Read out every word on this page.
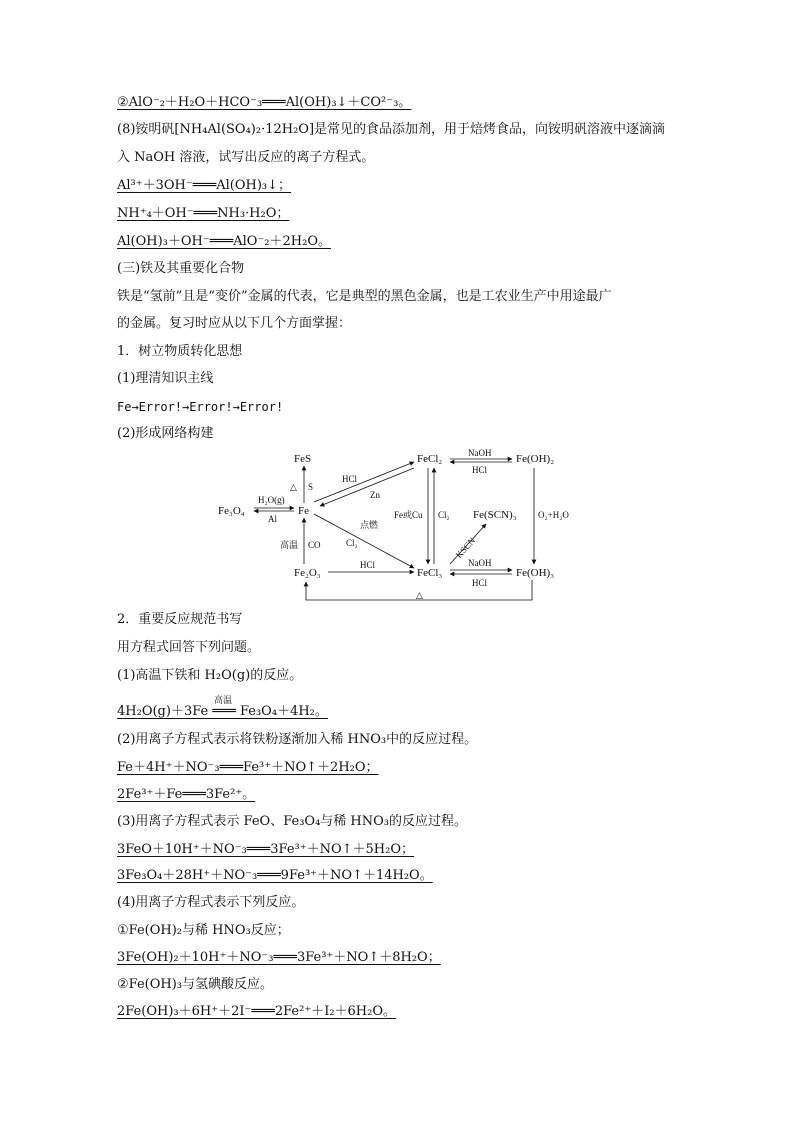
②AlO⁻₂＋H₂O＋HCO⁻₃═══Al(OH)₃↓＋CO²⁻₃。
(8)铵明矾[NH₄Al(SO₄)₂·12H₂O]是常见的食品添加剂，用于焙烤食品，向铵明矾溶液中逐滴滴
入 NaOH 溶液，试写出反应的离子方程式。
Al³⁺＋3OH⁻═══Al(OH)₃↓；
NH⁺₄＋OH⁻═══NH₃·H₂O；
Al(OH)₃＋OH⁻═══AlO⁻₂＋2H₂O。
(三)铁及其重要化合物
铁是“氢前”且是“变价”金属的代表，它是典型的黑色金属，也是工农业生产中用途最广
的金属。复习时应从以下几个方面掌握：
1．树立物质转化思想
(1)理清知识主线
Fe→Error!→Error!→Error!
(2)形成网络构建
FeS	FeCl₂	Fe(OH)₂
Fe₃O₄	Fe	Fe(SCN)₃
Fe₂O₃	FeCl₃	Fe(OH)₃
NaOH
HCl
△ S
HCl
Zn
H₂O(g)
Al	Fe或Cu Cl₂	O₂+H₂O
点燃
Cl₂	KSCN
高温 CO
HCl	NaOH
HCl
△
2．重要反应规范书写
用方程式回答下列问题。
(1)高温下铁和 H₂O(g)的反应。
高温
4H₂O(g)＋3Fe ═══ Fe₃O₄＋4H₂。
(2)用离子方程式表示将铁粉逐渐加入稀 HNO₃中的反应过程。
Fe＋4H⁺＋NO⁻₃═══Fe³⁺＋NO↑＋2H₂O；
2Fe³⁺＋Fe═══3Fe²⁺。
(3)用离子方程式表示 FeO、Fe₃O₄与稀 HNO₃的反应过程。
3FeO＋10H⁺＋NO⁻₃═══3Fe³⁺＋NO↑＋5H₂O；
3Fe₃O₄＋28H⁺＋NO⁻₃═══9Fe³⁺＋NO↑＋14H₂O。
(4)用离子方程式表示下列反应。
①Fe(OH)₂与稀 HNO₃反应；
3Fe(OH)₂＋10H⁺＋NO⁻₃═══3Fe³⁺＋NO↑＋8H₂O；
②Fe(OH)₃与氢碘酸反应。
2Fe(OH)₃＋6H⁺＋2I⁻═══2Fe²⁺＋I₂＋6H₂O。
